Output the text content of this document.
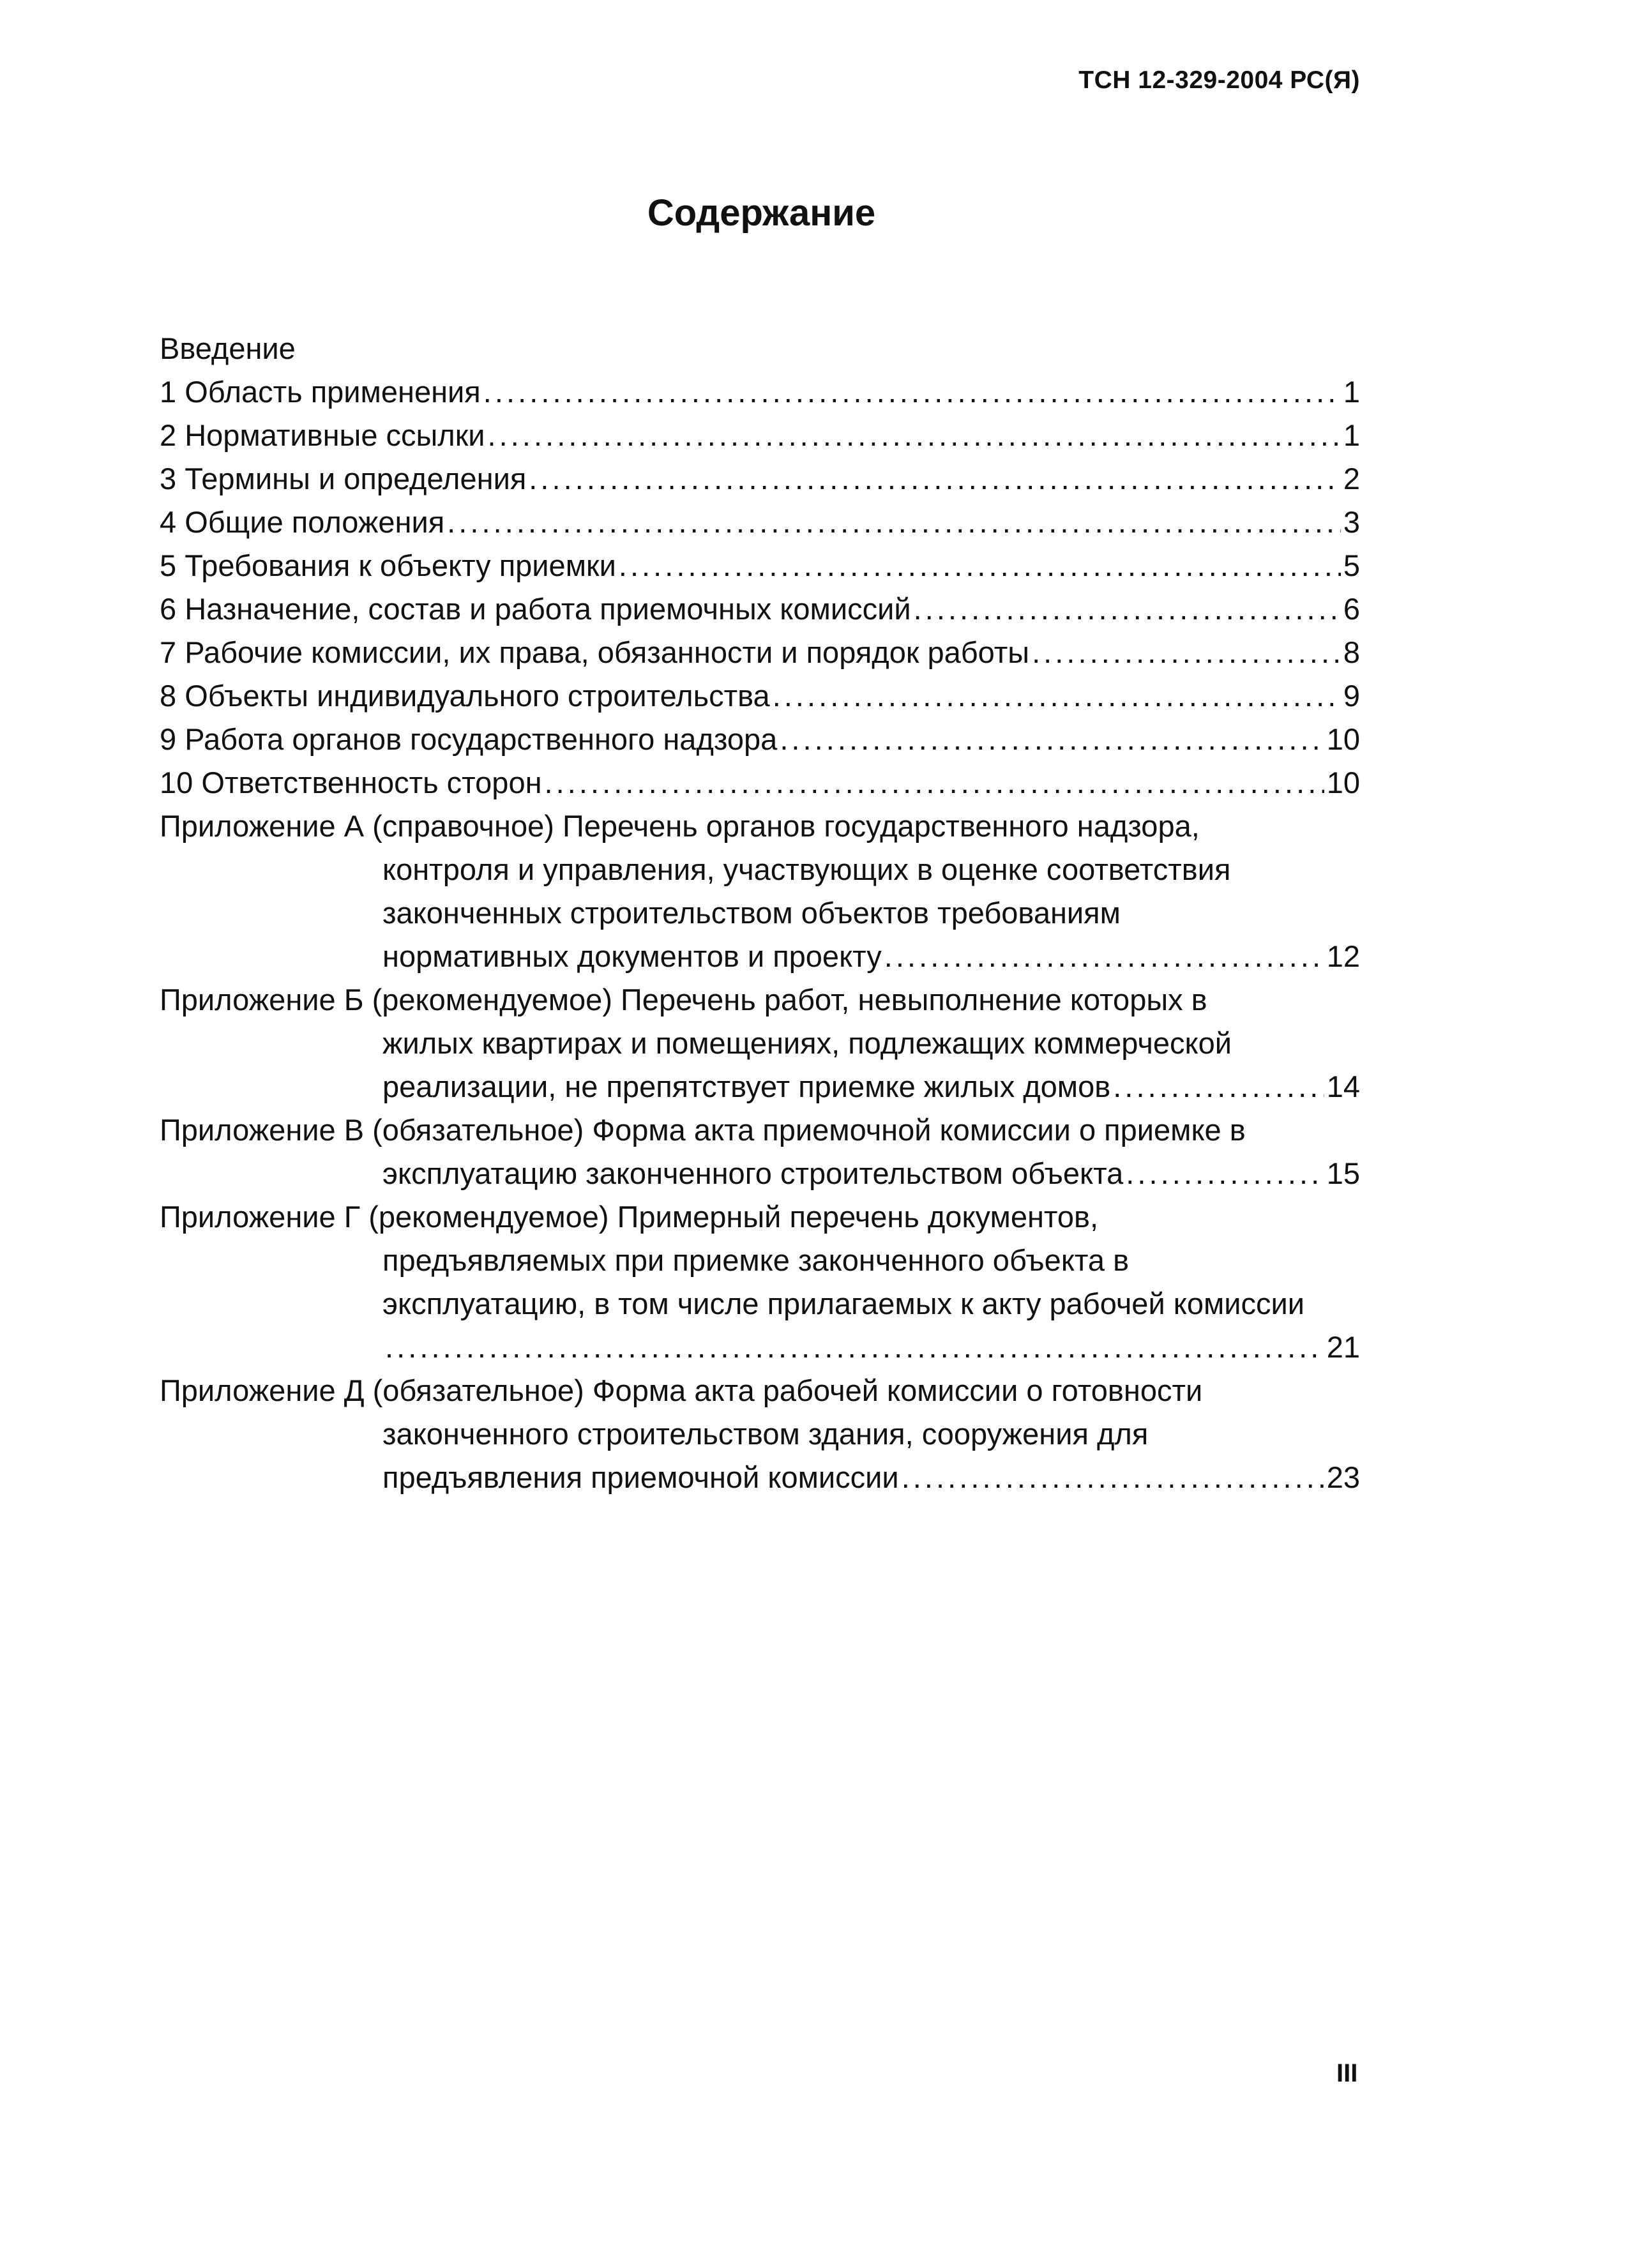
ТСН 12-329-2004 РС(Я)
Содержание
Введение
1 Область применения . . .	1
2 Нормативные ссылки . . .	1
3 Термины и определения . . .	2
4 Общие положения . . .	3
5 Требования к объекту приемки . . .	5
6 Назначение, состав и работа приемочных комиссий . . .	6
7 Рабочие комиссии, их права, обязанности и порядок работы . . .	8
8 Объекты индивидуального строительства . . .	9
9 Работа органов государственного надзора . . .	10
10 Ответственность сторон . . .	10
Приложение А (справочное) Перечень органов государственного надзора,
контроля и управления, участвующих в оценке соответствия
законченных строительством объектов требованиям
нормативных документов и проекту . . .	12
Приложение Б (рекомендуемое) Перечень работ, невыполнение которых в
жилых квартирах и помещениях, подлежащих коммерческой
реализации, не препятствует приемке жилых домов . . .	14
Приложение В (обязательное) Форма акта приемочной комиссии о приемке в
эксплуатацию законченного строительством объекта . . .	15
Приложение Г (рекомендуемое) Примерный перечень документов,
предъявляемых при приемке законченного объекта в
эксплуатацию, в том числе прилагаемых к акту рабочей комиссии
. . .
21
Приложение Д (обязательное) Форма акта рабочей комиссии о готовности
законченного строительством здания, сооружения для
предъявления приемочной комиссии . . .	23
III
